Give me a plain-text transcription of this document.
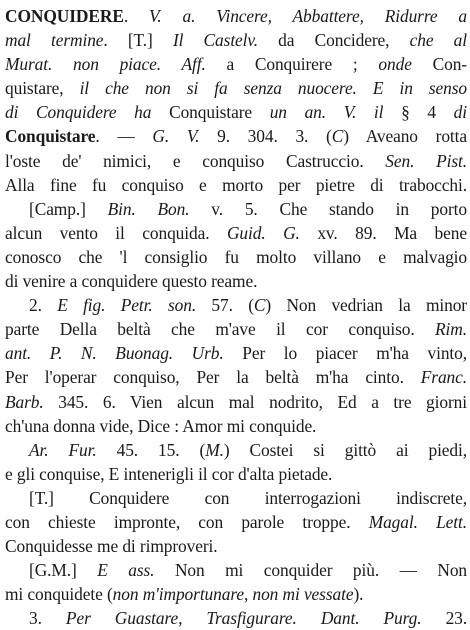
CONQUIDERE. V. a. Vincere, Abbattere, Ridurre a
mal termine. [T.] Il Castelv. da Concidere, che al
Murat. non piace. Aff. a Conquirere ; onde Con-
quistare, il che non si fa senza nuocere. E in senso
di Conquidere ha Conquistare un an. V. il § 4 di
Conquistare. — G. V. 9. 304. 3. (C) Aveano rotta
l'oste de' nimici, e conquiso Castruccio. Sen. Pist.
Alla fine fu conquiso e morto per pietre di trabocchi.
[Camp.] Bin. Bon. v. 5. Che stando in porto
alcun vento il conquida. Guid. G. xv. 89. Ma bene
conosco che 'l consiglio fu molto villano e malvagio
di venire a conquidere questo reame.
2. E fig. Petr. son. 57. (C) Non vedrian la minor
parte Della beltà che m'ave il cor conquiso. Rim.
ant. P. N. Buonag. Urb. Per lo piacer m'ha vinto,
Per l'operar conquiso, Per la beltà m'ha cinto. Franc.
Barb. 345. 6. Vien alcun mal nodrito, Ed a tre giorni
ch'una donna vide, Dice : Amor mi conquide.
Ar. Fur. 45. 15. (M.) Costei si gittò ai piedi,
e gli conquise, E intenerigli il cor d'alta pietade.
[T.] Conquidere con interrogazioni indiscrete,
con chieste impronte, con parole troppe. Magal. Lett.
Conquidesse me di rimproveri.
[G.M.] E ass. Non mi conquider più. — Non
mi conquidete (non m'importunare, non mi vessate).
3. Per Guastare, Trasfigurare. Dant. Purg. 23.
